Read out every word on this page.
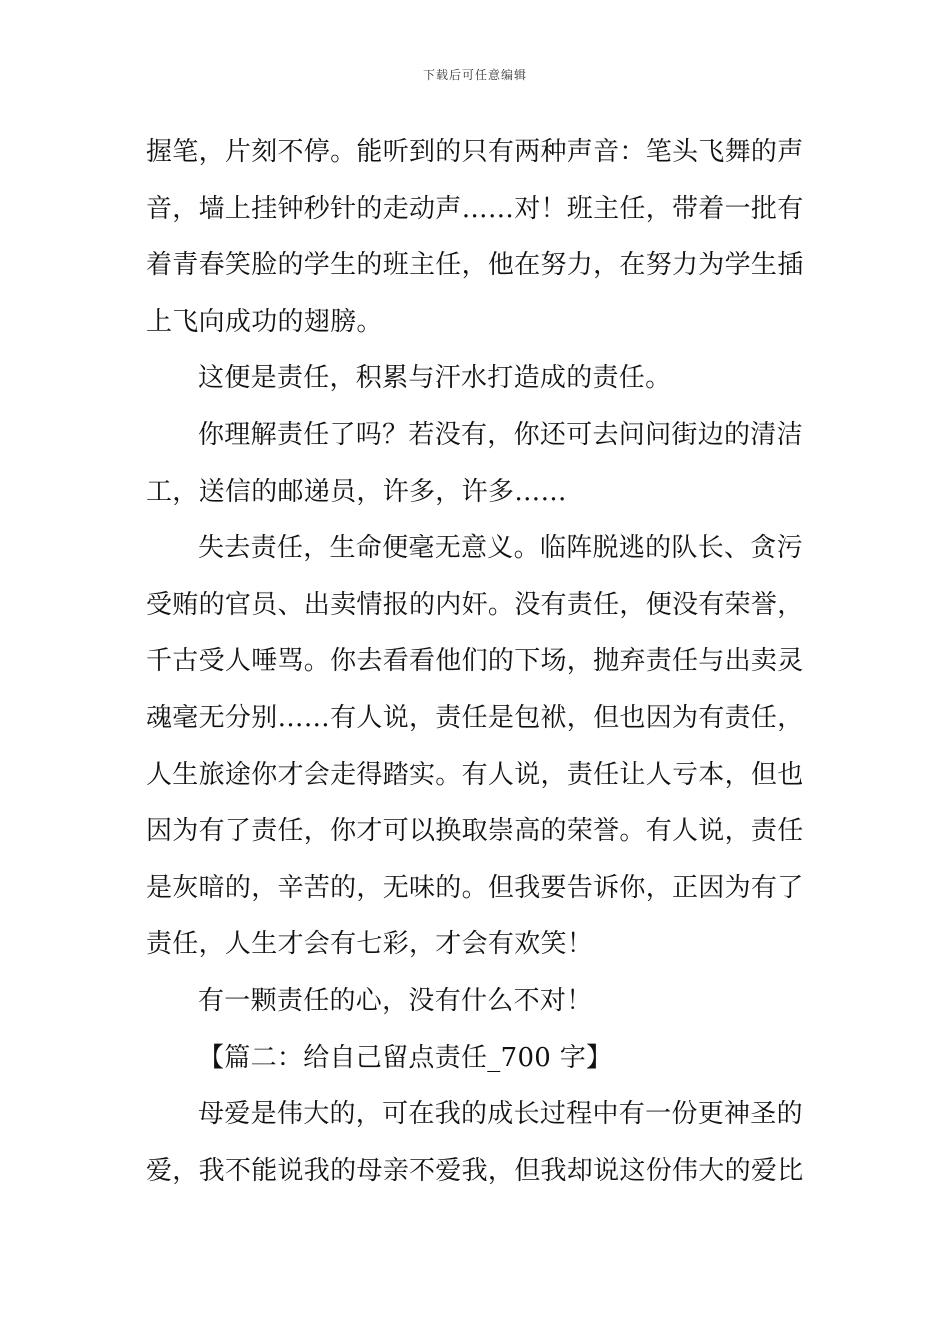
下载后可任意编辑
握笔，片刻不停。能听到的只有两种声音：笔头飞舞的声
音，墙上挂钟秒针的走动声……对！班主任，带着一批有
着青春笑脸的学生的班主任，他在努力，在努力为学生插
上飞向成功的翅膀。
这便是责任，积累与汗水打造成的责任。
你理解责任了吗？若没有，你还可去问问街边的清洁
工，送信的邮递员，许多，许多……
失去责任，生命便毫无意义。临阵脱逃的队长、贪污
受贿的官员、出卖情报的内奸。没有责任，便没有荣誉，
千古受人唾骂。你去看看他们的下场，抛弃责任与出卖灵
魂毫无分别……有人说，责任是包袱，但也因为有责任，
人生旅途你才会走得踏实。有人说，责任让人亏本，但也
因为有了责任，你才可以换取崇高的荣誉。有人说，责任
是灰暗的，辛苦的，无味的。但我要告诉你，正因为有了
责任，人生才会有七彩，才会有欢笑！
有一颗责任的心，没有什么不对！
【篇二：给自己留点责任_700 字】
母爱是伟大的，可在我的成长过程中有一份更神圣的
爱，我不能说我的母亲不爱我，但我却说这份伟大的爱比
